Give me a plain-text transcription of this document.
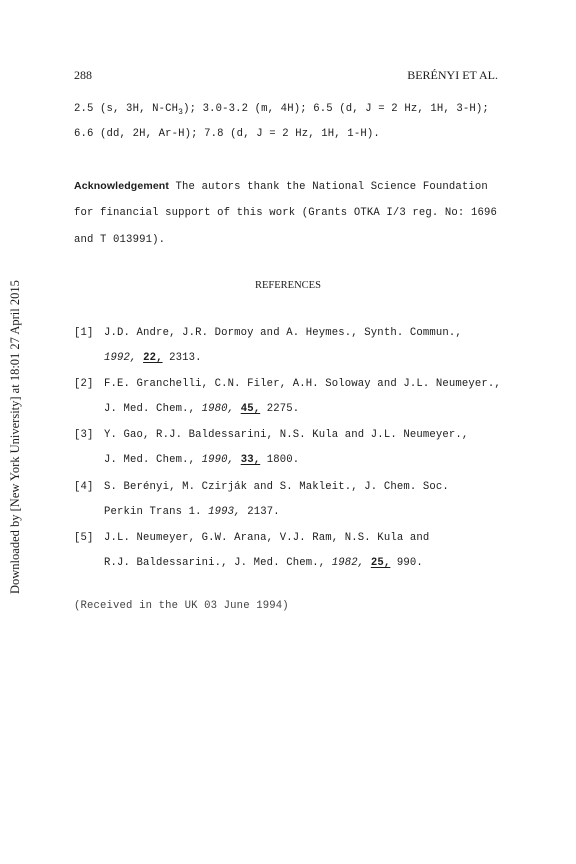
Downloaded by [New York University] at 18:01 27 April 2015
288	BERÉNYI ET AL.
2.5 (s, 3H, $N-CH_3$); 3.0-3.2 (m, 4H); 6.5 (d, J = 2 Hz, 1H, 3-H);
6.6 (dd, 2H, Ar-H); 7.8 (d, J = 2 Hz, 1H, 1-H).
Acknowledgement The autors thank the National Science Foundation
for financial support of this work (Grants OTKA I/3 reg. No: 1696
and T 013991).
REFERENCES
[1] J.D. Andre, J.R. Dormoy and A. Heymes., Synth. Commun.,
1992, 22, 2313.
[2] F.E. Granchelli, C.N. Filer, A.H. Soloway and J.L. Neumeyer.,
J. Med. Chem., 1980, 45, 2275.
[3] Y. Gao, R.J. Baldessarini, N.S. Kula and J.L. Neumeyer.,
J. Med. Chem., 1990, 33, 1800.
[4] S. Berényi, M. Czirják and S. Makleit., J. Chem. Soc.
Perkin Trans 1. 1993, 2137.
[5] J.L. Neumeyer, G.W. Arana, V.J. Ram, N.S. Kula and
R.J. Baldessarini., J. Med. Chem., 1982, 25, 990.
(Received in the UK 03 June 1994)
